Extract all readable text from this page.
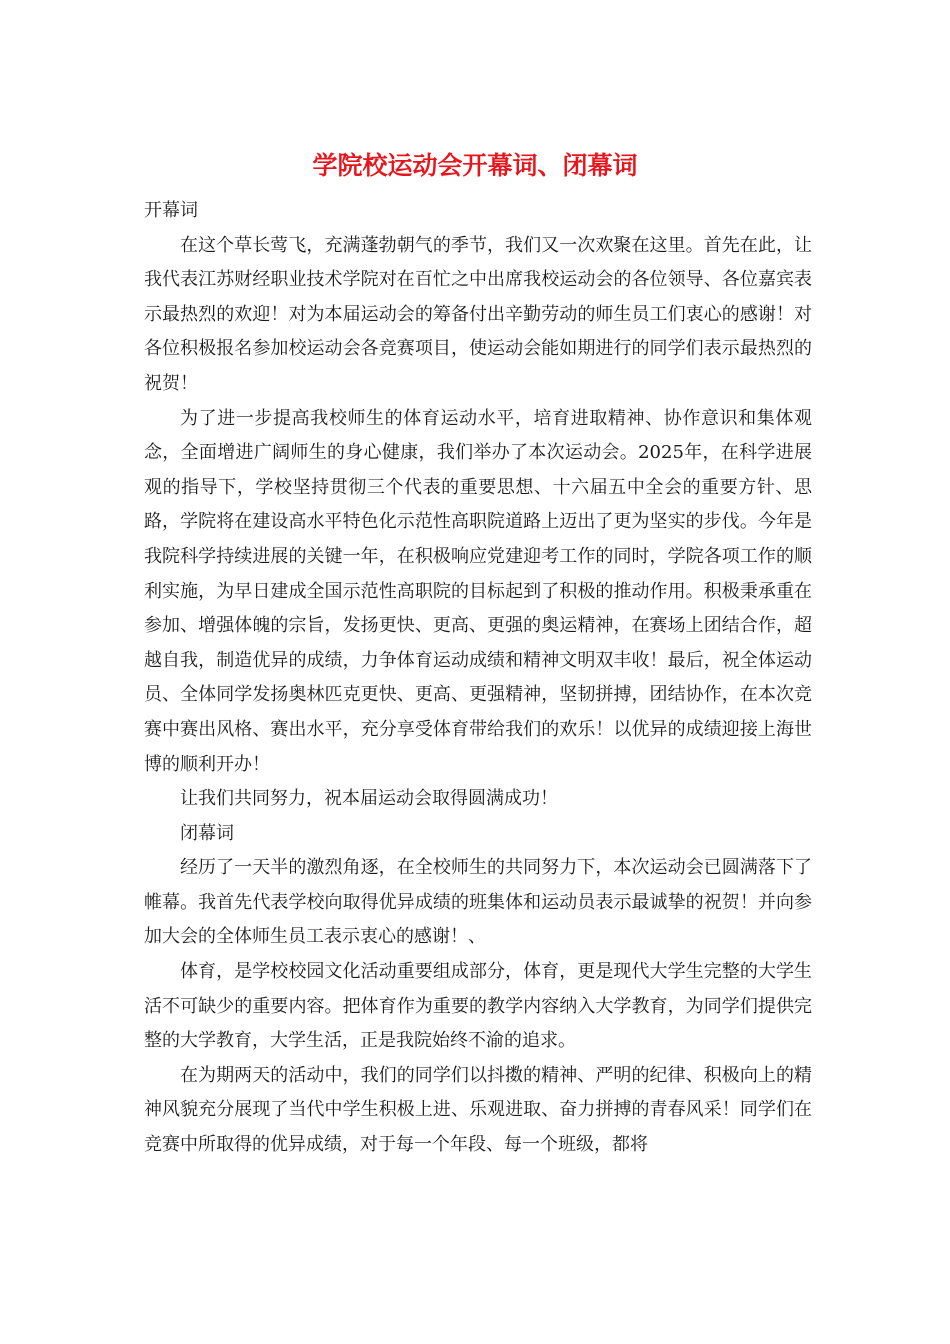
学院校运动会开幕词、闭幕词

开幕词

在这个草长莺飞，充满蓬勃朝气的季节，我们又一次欢聚在这里。首先在此，让我代表江苏财经职业技术学院对在百忙之中出席我校运动会的各位领导、各位嘉宾表示最热烈的欢迎！对为本届运动会的筹备付出辛勤劳动的师生员工们衷心的感谢！对各位积极报名参加校运动会各竞赛项目，使运动会能如期进行的同学们表示最热烈的祝贺！

为了进一步提高我校师生的体育运动水平，培育进取精神、协作意识和集体观念，全面增进广阔师生的身心健康，我们举办了本次运动会。2025年，在科学进展观的指导下，学校坚持贯彻三个代表的重要思想、十六届五中全会的重要方针、思路，学院将在建设高水平特色化示范性高职院道路上迈出了更为坚实的步伐。今年是我院科学持续进展的关键一年，在积极响应党建迎考工作的同时，学院各项工作的顺利实施，为早日建成全国示范性高职院的目标起到了积极的推动作用。积极秉承重在参加、增强体魄的宗旨，发扬更快、更高、更强的奥运精神，在赛场上团结合作，超越自我，制造优异的成绩，力争体育运动成绩和精神文明双丰收！最后，祝全体运动员、全体同学发扬奥林匹克更快、更高、更强精神，坚韧拼搏，团结协作，在本次竞赛中赛出风格、赛出水平，充分享受体育带给我们的欢乐！以优异的成绩迎接上海世博的顺利开办！

让我们共同努力，祝本届运动会取得圆满成功！

闭幕词

经历了一天半的激烈角逐，在全校师生的共同努力下，本次运动会已圆满落下了帷幕。我首先代表学校向取得优异成绩的班集体和运动员表示最诚挚的祝贺！并向参加大会的全体师生员工表示衷心的感谢！、

体育，是学校校园文化活动重要组成部分，体育，更是现代大学生完整的大学生活不可缺少的重要内容。把体育作为重要的教学内容纳入大学教育，为同学们提供完整的大学教育，大学生活，正是我院始终不渝的追求。

在为期两天的活动中，我们的同学们以抖擞的精神、严明的纪律、积极向上的精神风貌充分展现了当代中学生积极上进、乐观进取、奋力拼搏的青春风采！同学们在竞赛中所取得的优异成绩，对于每一个年段、每一个班级，都将
